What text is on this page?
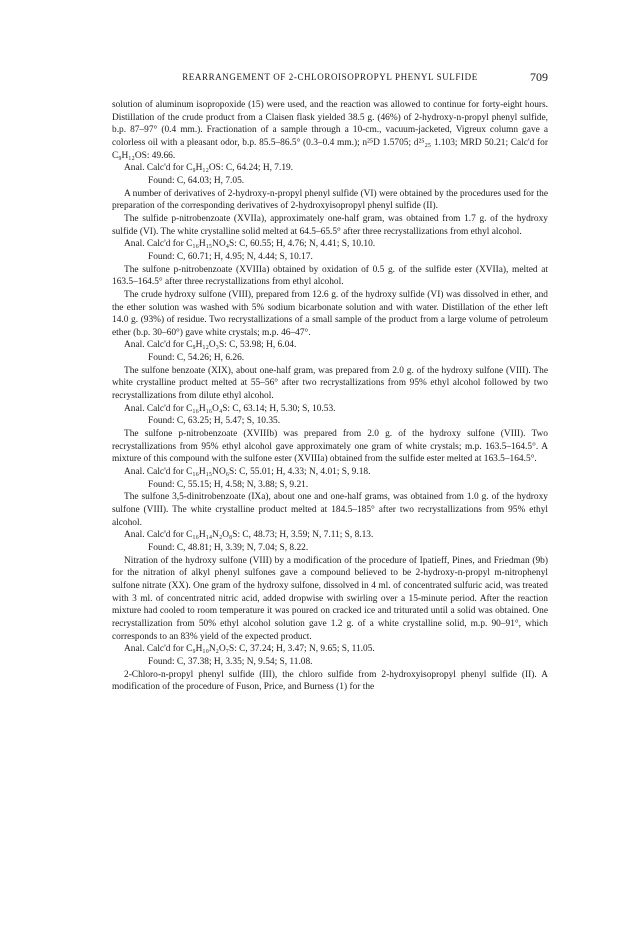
REARRANGEMENT OF 2-CHLOROISOPROPYL PHENYL SULFIDE	709

solution of aluminum isopropoxide (15) were used, and the reaction was allowed to continue for forty-eight hours. Distillation of the crude product from a Claisen flask yielded 38.5 g. (46%) of 2-hydroxy-n-propyl phenyl sulfide, b.p. 87–97° (0.4 mm.). Fractionation of a sample through a 10-cm., vacuum-jacketed, Vigreux column gave a colorless oil with a pleasant odor, b.p. 85.5–86.5° (0.3–0.4 mm.); n²⁵D 1.5705; d²⁵₂₅ 1.103; MRD 50.21; Calc'd for C₉H₁₂OS: 49.66.

Anal. Calc'd for C₉H₁₂OS: C, 64.24; H, 7.19.

Found: C, 64.03; H, 7.05.

A number of derivatives of 2-hydroxy-n-propyl phenyl sulfide (VI) were obtained by the procedures used for the preparation of the corresponding derivatives of 2-hydroxyisopropyl phenyl sulfide (II).

The sulfide p-nitrobenzoate (XVIIa), approximately one-half gram, was obtained from 1.7 g. of the hydroxy sulfide (VI). The white crystalline solid melted at 64.5–65.5° after three recrystallizations from ethyl alcohol.

Anal. Calc'd for C₁₆H₁₅NO₄S: C, 60.55; H, 4.76; N, 4.41; S, 10.10.

Found: C, 60.71; H, 4.95; N, 4.44; S, 10.17.

The sulfone p-nitrobenzoate (XVIIIa) obtained by oxidation of 0.5 g. of the sulfide ester (XVIIa), melted at 163.5–164.5° after three recrystallizations from ethyl alcohol.

The crude hydroxy sulfone (VIII), prepared from 12.6 g. of the hydroxy sulfide (VI) was dissolved in ether, and the ether solution was washed with 5% sodium bicarbonate solution and with water. Distillation of the ether left 14.0 g. (93%) of residue. Two recrystallizations of a small sample of the product from a large volume of petroleum ether (b.p. 30–60°) gave white crystals; m.p. 46–47°.

Anal. Calc'd for C₉H₁₂O₃S: C, 53.98; H, 6.04.

Found: C, 54.26; H, 6.26.

The sulfone benzoate (XIX), about one-half gram, was prepared from 2.0 g. of the hydroxy sulfone (VIII). The white crystalline product melted at 55–56° after two recrystallizations from 95% ethyl alcohol followed by two recrystallizations from dilute ethyl alcohol.

Anal. Calc'd for C₁₆H₁₆O₄S: C, 63.14; H, 5.30; S, 10.53.

Found: C, 63.25; H, 5.47; S, 10.35.

The sulfone p-nitrobenzoate (XVIIIb) was prepared from 2.0 g. of the hydroxy sulfone (VIII). Two recrystallizations from 95% ethyl alcohol gave approximately one gram of white crystals; m.p. 163.5–164.5°. A mixture of this compound with the sulfone ester (XVIIIa) obtained from the sulfide ester melted at 163.5–164.5°.

Anal. Calc'd for C₁₆H₁₅NO₆S: C, 55.01; H, 4.33; N, 4.01; S, 9.18.

Found: C, 55.15; H, 4.58; N, 3.88; S, 9.21.

The sulfone 3,5-dinitrobenzoate (IXa), about one and one-half grams, was obtained from 1.0 g. of the hydroxy sulfone (VIII). The white crystalline product melted at 184.5–185° after two recrystallizations from 95% ethyl alcohol.

Anal. Calc'd for C₁₆H₁₄N₂O₈S: C, 48.73; H, 3.59; N, 7.11; S, 8.13.

Found: C, 48.81; H, 3.39; N, 7.04; S, 8.22.

Nitration of the hydroxy sulfone (VIII) by a modification of the procedure of Ipatieff, Pines, and Friedman (9b) for the nitration of alkyl phenyl sulfones gave a compound believed to be 2-hydroxy-n-propyl m-nitrophenyl sulfone nitrate (XX). One gram of the hydroxy sulfone, dissolved in 4 ml. of concentrated sulfuric acid, was treated with 3 ml. of concentrated nitric acid, added dropwise with swirling over a 15-minute period. After the reaction mixture had cooled to room temperature it was poured on cracked ice and triturated until a solid was obtained. One recrystallization from 50% ethyl alcohol solution gave 1.2 g. of a white crystalline solid, m.p. 90–91°, which corresponds to an 83% yield of the expected product.

Anal. Calc'd for C₉H₁₀N₂O₇S: C, 37.24; H, 3.47; N, 9.65; S, 11.05.

Found: C, 37.38; H, 3.35; N, 9.54; S, 11.08.

2-Chloro-n-propyl phenyl sulfide (III), the chloro sulfide from 2-hydroxyisopropyl phenyl sulfide (II). A modification of the procedure of Fuson, Price, and Burness (1) for the
